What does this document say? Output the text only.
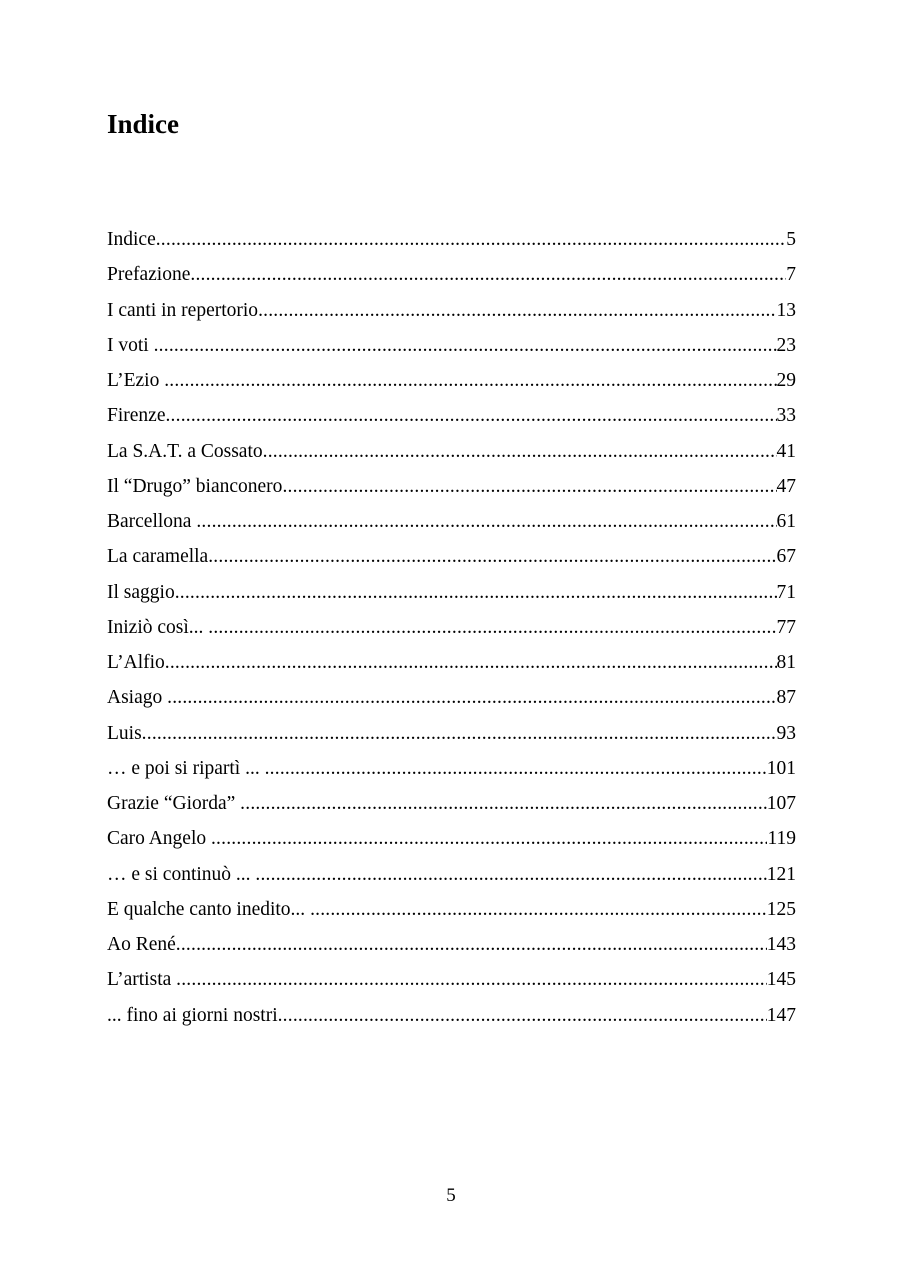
Indice
Indice .....	5
Prefazione .....	7
I canti in repertorio .....	13
I voti .....	23
L’Ezio .....	29
Firenze .....	33
La S.A.T. a Cossato .....	41
Il “Drugo” bianconero .....	47
Barcellona .....	61
La caramella .....	67
Il saggio .....	71
Iniziò così... .....	77
L’Alfio .....	81
Asiago .....	87
Luis .....	93
… e poi si ripartì ... .....	101
Grazie “Giorda” .....	107
Caro Angelo .....	119
… e si continuò ... .....	121
E qualche canto inedito... .....	125
Ao René .....	143
L’artista .....	145
... fino ai giorni nostri .....	147
5
